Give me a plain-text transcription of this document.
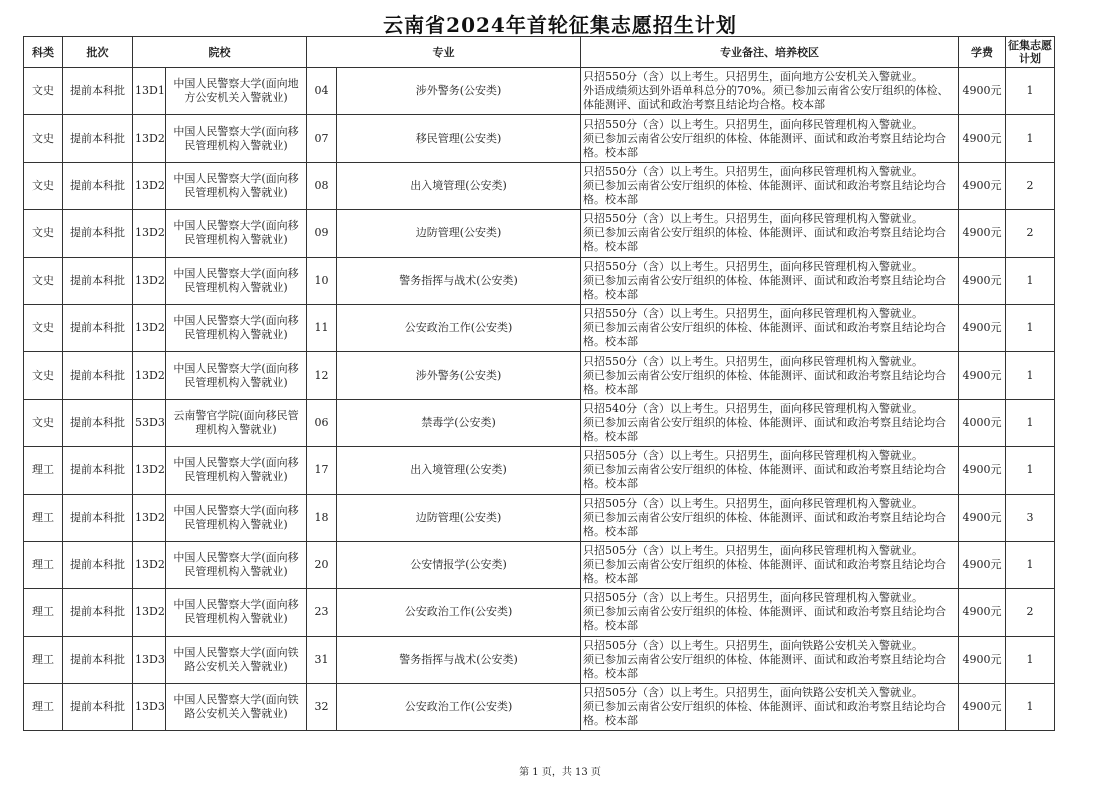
云南省2024年首轮征集志愿招生计划
科类	批次	院校		专业		专业备注、培养校区	学费	征集志愿计划
文史	提前本科批	13D1	中国人民警察大学(面向地方公安机关入警就业)	04	涉外警务(公安类)	只招550分（含）以上考生。只招男生，面向地方公安机关入警就业。
外语成绩须达到外语单科总分的70%。须已参加云南省公安厅组织的体检、体能测评、面试和政治考察且结论均合格。校本部	4900元	1
文史	提前本科批	13D2	中国人民警察大学(面向移民管理机构入警就业)	07	移民管理(公安类)	只招550分（含）以上考生。只招男生，面向移民管理机构入警就业。
须已参加云南省公安厅组织的体检、体能测评、面试和政治考察且结论均合格。校本部	4900元	1
文史	提前本科批	13D2	中国人民警察大学(面向移民管理机构入警就业)	08	出入境管理(公安类)	只招550分（含）以上考生。只招男生，面向移民管理机构入警就业。
须已参加云南省公安厅组织的体检、体能测评、面试和政治考察且结论均合格。校本部	4900元	2
文史	提前本科批	13D2	中国人民警察大学(面向移民管理机构入警就业)	09	边防管理(公安类)	只招550分（含）以上考生。只招男生，面向移民管理机构入警就业。
须已参加云南省公安厅组织的体检、体能测评、面试和政治考察且结论均合格。校本部	4900元	2
文史	提前本科批	13D2	中国人民警察大学(面向移民管理机构入警就业)	10	警务指挥与战术(公安类)	只招550分（含）以上考生。只招男生，面向移民管理机构入警就业。
须已参加云南省公安厅组织的体检、体能测评、面试和政治考察且结论均合格。校本部	4900元	1
文史	提前本科批	13D2	中国人民警察大学(面向移民管理机构入警就业)	11	公安政治工作(公安类)	只招550分（含）以上考生。只招男生，面向移民管理机构入警就业。
须已参加云南省公安厅组织的体检、体能测评、面试和政治考察且结论均合格。校本部	4900元	1
文史	提前本科批	13D2	中国人民警察大学(面向移民管理机构入警就业)	12	涉外警务(公安类)	只招550分（含）以上考生。只招男生，面向移民管理机构入警就业。
须已参加云南省公安厅组织的体检、体能测评、面试和政治考察且结论均合格。校本部	4900元	1
文史	提前本科批	53D3	云南警官学院(面向移民管理机构入警就业)	06	禁毒学(公安类)	只招540分（含）以上考生。只招男生，面向移民管理机构入警就业。
须已参加云南省公安厅组织的体检、体能测评、面试和政治考察且结论均合格。校本部	4000元	1
理工	提前本科批	13D2	中国人民警察大学(面向移民管理机构入警就业)	17	出入境管理(公安类)	只招505分（含）以上考生。只招男生，面向移民管理机构入警就业。
须已参加云南省公安厅组织的体检、体能测评、面试和政治考察且结论均合格。校本部	4900元	1
理工	提前本科批	13D2	中国人民警察大学(面向移民管理机构入警就业)	18	边防管理(公安类)	只招505分（含）以上考生。只招男生，面向移民管理机构入警就业。
须已参加云南省公安厅组织的体检、体能测评、面试和政治考察且结论均合格。校本部	4900元	3
理工	提前本科批	13D2	中国人民警察大学(面向移民管理机构入警就业)	20	公安情报学(公安类)	只招505分（含）以上考生。只招男生，面向移民管理机构入警就业。
须已参加云南省公安厅组织的体检、体能测评、面试和政治考察且结论均合格。校本部	4900元	1
理工	提前本科批	13D2	中国人民警察大学(面向移民管理机构入警就业)	23	公安政治工作(公安类)	只招505分（含）以上考生。只招男生，面向移民管理机构入警就业。
须已参加云南省公安厅组织的体检、体能测评、面试和政治考察且结论均合格。校本部	4900元	2
理工	提前本科批	13D3	中国人民警察大学(面向铁路公安机关入警就业)	31	警务指挥与战术(公安类)	只招505分（含）以上考生。只招男生，面向铁路公安机关入警就业。
须已参加云南省公安厅组织的体检、体能测评、面试和政治考察且结论均合格。校本部	4900元	1
理工	提前本科批	13D3	中国人民警察大学(面向铁路公安机关入警就业)	32	公安政治工作(公安类)	只招505分（含）以上考生。只招男生，面向铁路公安机关入警就业。
须已参加云南省公安厅组织的体检、体能测评、面试和政治考察且结论均合格。校本部	4900元	1
第 1 页，共 13 页
